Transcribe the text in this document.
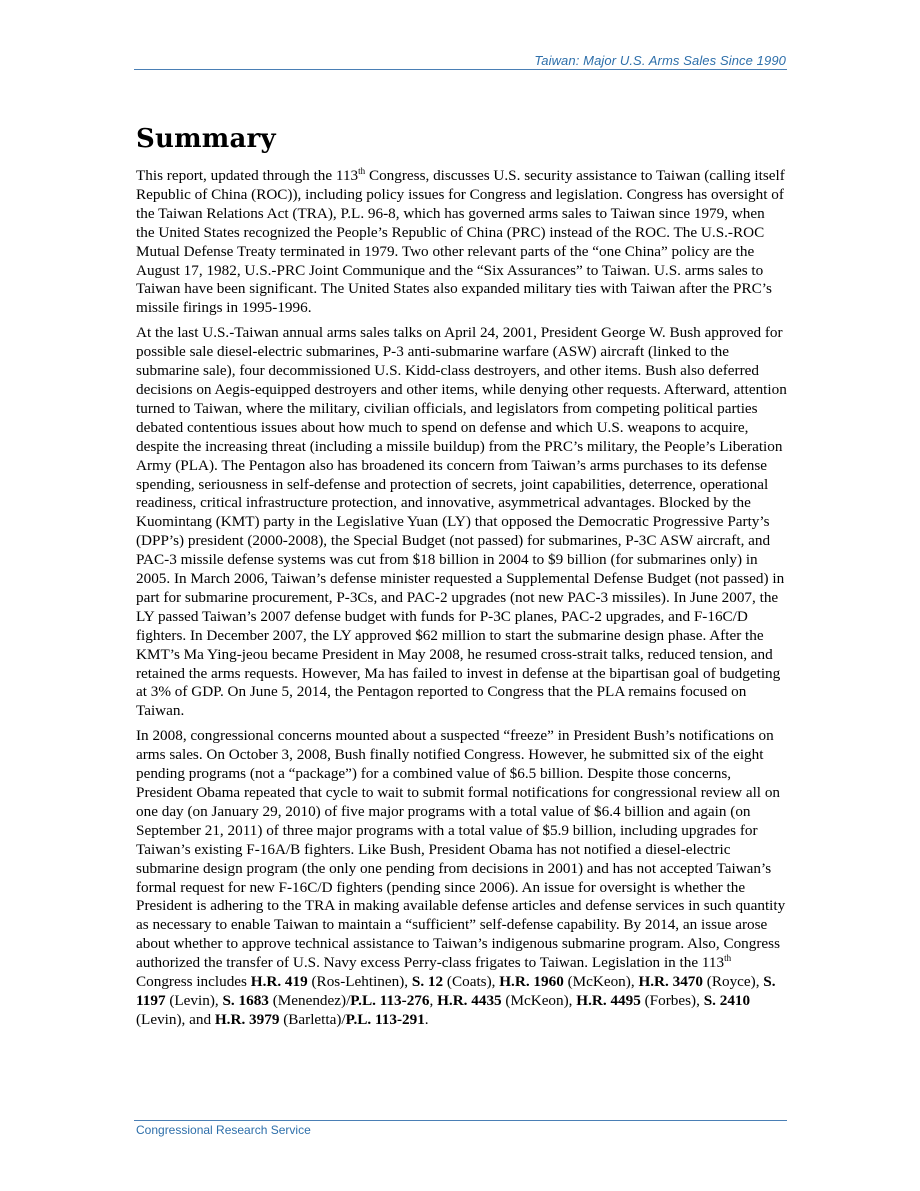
Taiwan: Major U.S. Arms Sales Since 1990
Summary

This report, updated through the 113th Congress, discusses U.S. security assistance to Taiwan (calling itself Republic of China (ROC)), including policy issues for Congress and legislation. Congress has oversight of the Taiwan Relations Act (TRA), P.L. 96-8, which has governed arms sales to Taiwan since 1979, when the United States recognized the People’s Republic of China (PRC) instead of the ROC. The U.S.-ROC Mutual Defense Treaty terminated in 1979. Two other relevant parts of the “one China” policy are the August 17, 1982, U.S.-PRC Joint Communique and the “Six Assurances” to Taiwan. U.S. arms sales to Taiwan have been significant. The United States also expanded military ties with Taiwan after the PRC’s missile firings in 1995-1996.

At the last U.S.-Taiwan annual arms sales talks on April 24, 2001, President George W. Bush approved for possible sale diesel-electric submarines, P-3 anti-submarine warfare (ASW) aircraft (linked to the submarine sale), four decommissioned U.S. Kidd-class destroyers, and other items. Bush also deferred decisions on Aegis-equipped destroyers and other items, while denying other requests. Afterward, attention turned to Taiwan, where the military, civilian officials, and legislators from competing political parties debated contentious issues about how much to spend on defense and which U.S. weapons to acquire, despite the increasing threat (including a missile buildup) from the PRC’s military, the People’s Liberation Army (PLA). The Pentagon also has broadened its concern from Taiwan’s arms purchases to its defense spending, seriousness in self-defense and protection of secrets, joint capabilities, deterrence, operational readiness, critical infrastructure protection, and innovative, asymmetrical advantages. Blocked by the Kuomintang (KMT) party in the Legislative Yuan (LY) that opposed the Democratic Progressive Party’s (DPP’s) president (2000-2008), the Special Budget (not passed) for submarines, P-3C ASW aircraft, and PAC-3 missile defense systems was cut from $18 billion in 2004 to $9 billion (for submarines only) in 2005. In March 2006, Taiwan’s defense minister requested a Supplemental Defense Budget (not passed) in part for submarine procurement, P-3Cs, and PAC-2 upgrades (not new PAC-3 missiles). In June 2007, the LY passed Taiwan’s 2007 defense budget with funds for P-3C planes, PAC-2 upgrades, and F-16C/D fighters. In December 2007, the LY approved $62 million to start the submarine design phase. After the KMT’s Ma Ying-jeou became President in May 2008, he resumed cross-strait talks, reduced tension, and retained the arms requests. However, Ma has failed to invest in defense at the bipartisan goal of budgeting at 3% of GDP. On June 5, 2014, the Pentagon reported to Congress that the PLA remains focused on Taiwan.

In 2008, congressional concerns mounted about a suspected “freeze” in President Bush’s notifications on arms sales. On October 3, 2008, Bush finally notified Congress. However, he submitted six of the eight pending programs (not a “package”) for a combined value of $6.5 billion. Despite those concerns, President Obama repeated that cycle to wait to submit formal notifications for congressional review all on one day (on January 29, 2010) of five major programs with a total value of $6.4 billion and again (on September 21, 2011) of three major programs with a total value of $5.9 billion, including upgrades for Taiwan’s existing F-16A/B fighters. Like Bush, President Obama has not notified a diesel-electric submarine design program (the only one pending from decisions in 2001) and has not accepted Taiwan’s formal request for new F-16C/D fighters (pending since 2006). An issue for oversight is whether the President is adhering to the TRA in making available defense articles and defense services in such quantity as necessary to enable Taiwan to maintain a “sufficient” self-defense capability. By 2014, an issue arose about whether to approve technical assistance to Taiwan’s indigenous submarine program. Also, Congress authorized the transfer of U.S. Navy excess Perry-class frigates to Taiwan. Legislation in the 113th Congress includes H.R. 419 (Ros-Lehtinen), S. 12 (Coats), H.R. 1960 (McKeon), H.R. 3470 (Royce), S. 1197 (Levin), S. 1683 (Menendez)/P.L. 113-276, H.R. 4435 (McKeon), H.R. 4495 (Forbes), S. 2410 (Levin), and H.R. 3979 (Barletta)/P.L. 113-291.

Congressional Research Service
